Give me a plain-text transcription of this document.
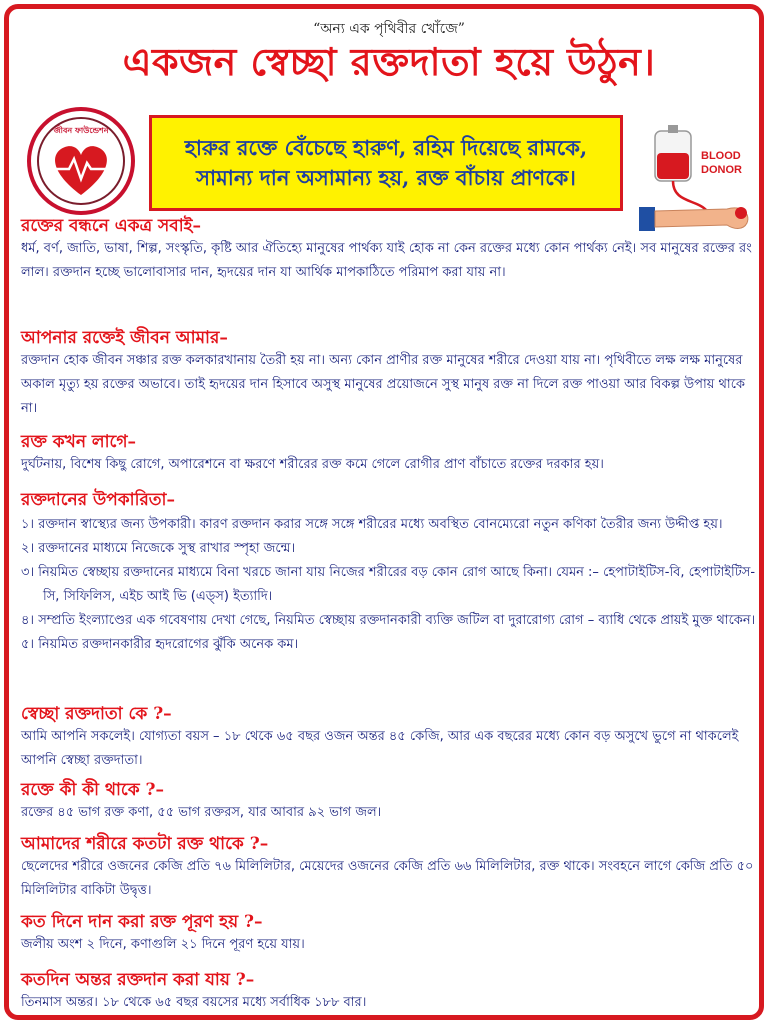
“অন্য এক পৃথিবীর খোঁজে”
একজন স্বেচ্ছা রক্তদাতা হয়ে উঠুন।
জীবন ফাউন্ডেশন
হারুর রক্তে বেঁচেছে হারুণ, রহিম দিয়েছে রামকে,
সামান্য দান অসামান্য হয়, রক্ত বাঁচায় প্রাণকে।
BLOOD
DONOR
রক্তের বন্ধনে একত্র সবাই–
ধর্ম, বর্ণ, জাতি, ভাষা, শিল্প, সংস্কৃতি, কৃষ্টি আর ঐতিহ্যে মানুষের পার্থক্য যাই হোক না কেন রক্তের মধ্যে কোন পার্থক্য নেই। সব মানুষের রক্তের রং লাল। রক্তদান হচ্ছে ভালোবাসার দান, হৃদয়ের দান যা আর্থিক মাপকাঠিতে পরিমাপ করা যায় না।
আপনার রক্তেই জীবন আমার–
রক্তদান হোক জীবন সঞ্চার রক্ত কলকারখানায় তৈরী হয় না। অন্য কোন প্রাণীর রক্ত মানুষের শরীরে দেওয়া যায় না। পৃথিবীতে লক্ষ লক্ষ মানুষের অকাল মৃত্যু হয় রক্তের অভাবে। তাই হৃদয়ের দান হিসাবে অসুস্থ মানুষের প্রয়োজনে সুস্থ মানুষ রক্ত না দিলে রক্ত পাওয়া আর বিকল্প উপায় থাকে না।
রক্ত কখন লাগে–
দুর্ঘটনায়, বিশেষ কিছু রোগে, অপারেশনে বা ক্ষরণে শরীরের রক্ত কমে গেলে রোগীর প্রাণ বাঁচাতে রক্তের দরকার হয়।
রক্তদানের উপকারিতা–
১। রক্তদান স্বাস্থ্যের জন্য উপকারী। কারণ রক্তদান করার সঙ্গে সঙ্গে শরীরের মধ্যে অবস্থিত বোনম্যেরো নতুন কণিকা তৈরীর জন্য উদ্দীপ্ত হয়।
২। রক্তদানের মাধ্যমে নিজেকে সুস্থ রাখার স্পৃহা জন্মে।
৩। নিয়মিত স্বেচ্ছায় রক্তদানের মাধ্যমে বিনা খরচে জানা যায় নিজের শরীরের বড় কোন রোগ আছে কিনা। যেমন :– হেপাটাইটিস-বি, হেপাটাইটিস-সি, সিফিলিস, এইচ আই ভি (এড্স) ইত্যাদি।
৪। সম্প্রতি ইংল্যাণ্ডের এক গবেষণায় দেখা গেছে, নিয়মিত স্বেচ্ছায় রক্তদানকারী ব্যক্তি জটিল বা দুরারোগ্য রোগ – ব্যাধি থেকে প্রায়ই মুক্ত থাকেন।
৫। নিয়মিত রক্তদানকারীর হৃদরোগের ঝুঁকি অনেক কম।
স্বেচ্ছা রক্তদাতা কে ?–
আমি আপনি সকলেই। যোগ্যতা বয়স – ১৮ থেকে ৬৫ বছর ওজন অন্তর ৪৫ কেজি, আর এক বছরের মধ্যে কোন বড় অসুখে ভুগে না থাকলেই আপনি স্বেচ্ছা রক্তদাতা।
রক্তে কী কী থাকে ?–
রক্তের ৪৫ ভাগ রক্ত কণা, ৫৫ ভাগ রক্তরস, যার আবার ৯২ ভাগ জল।
আমাদের শরীরে কতটা রক্ত থাকে ?–
ছেলেদের শরীরে ওজনের কেজি প্রতি ৭৬ মিলিলিটার, মেয়েদের ওজনের কেজি প্রতি ৬৬ মিলিলিটার, রক্ত থাকে। সংবহনে লাগে কেজি প্রতি ৫০ মিলিলিটার বাকিটা উদ্বৃত্ত।
কত দিনে দান করা রক্ত পূরণ হয় ?–
জলীয় অংশ ২ দিনে, কণাগুলি ২১ দিনে পূরণ হয়ে যায়।
কতদিন অন্তর রক্তদান করা যায় ?–
তিনমাস অন্তর। ১৮ থেকে ৬৫ বছর বয়সের মধ্যে সর্বাধিক ১৮৮ বার।
